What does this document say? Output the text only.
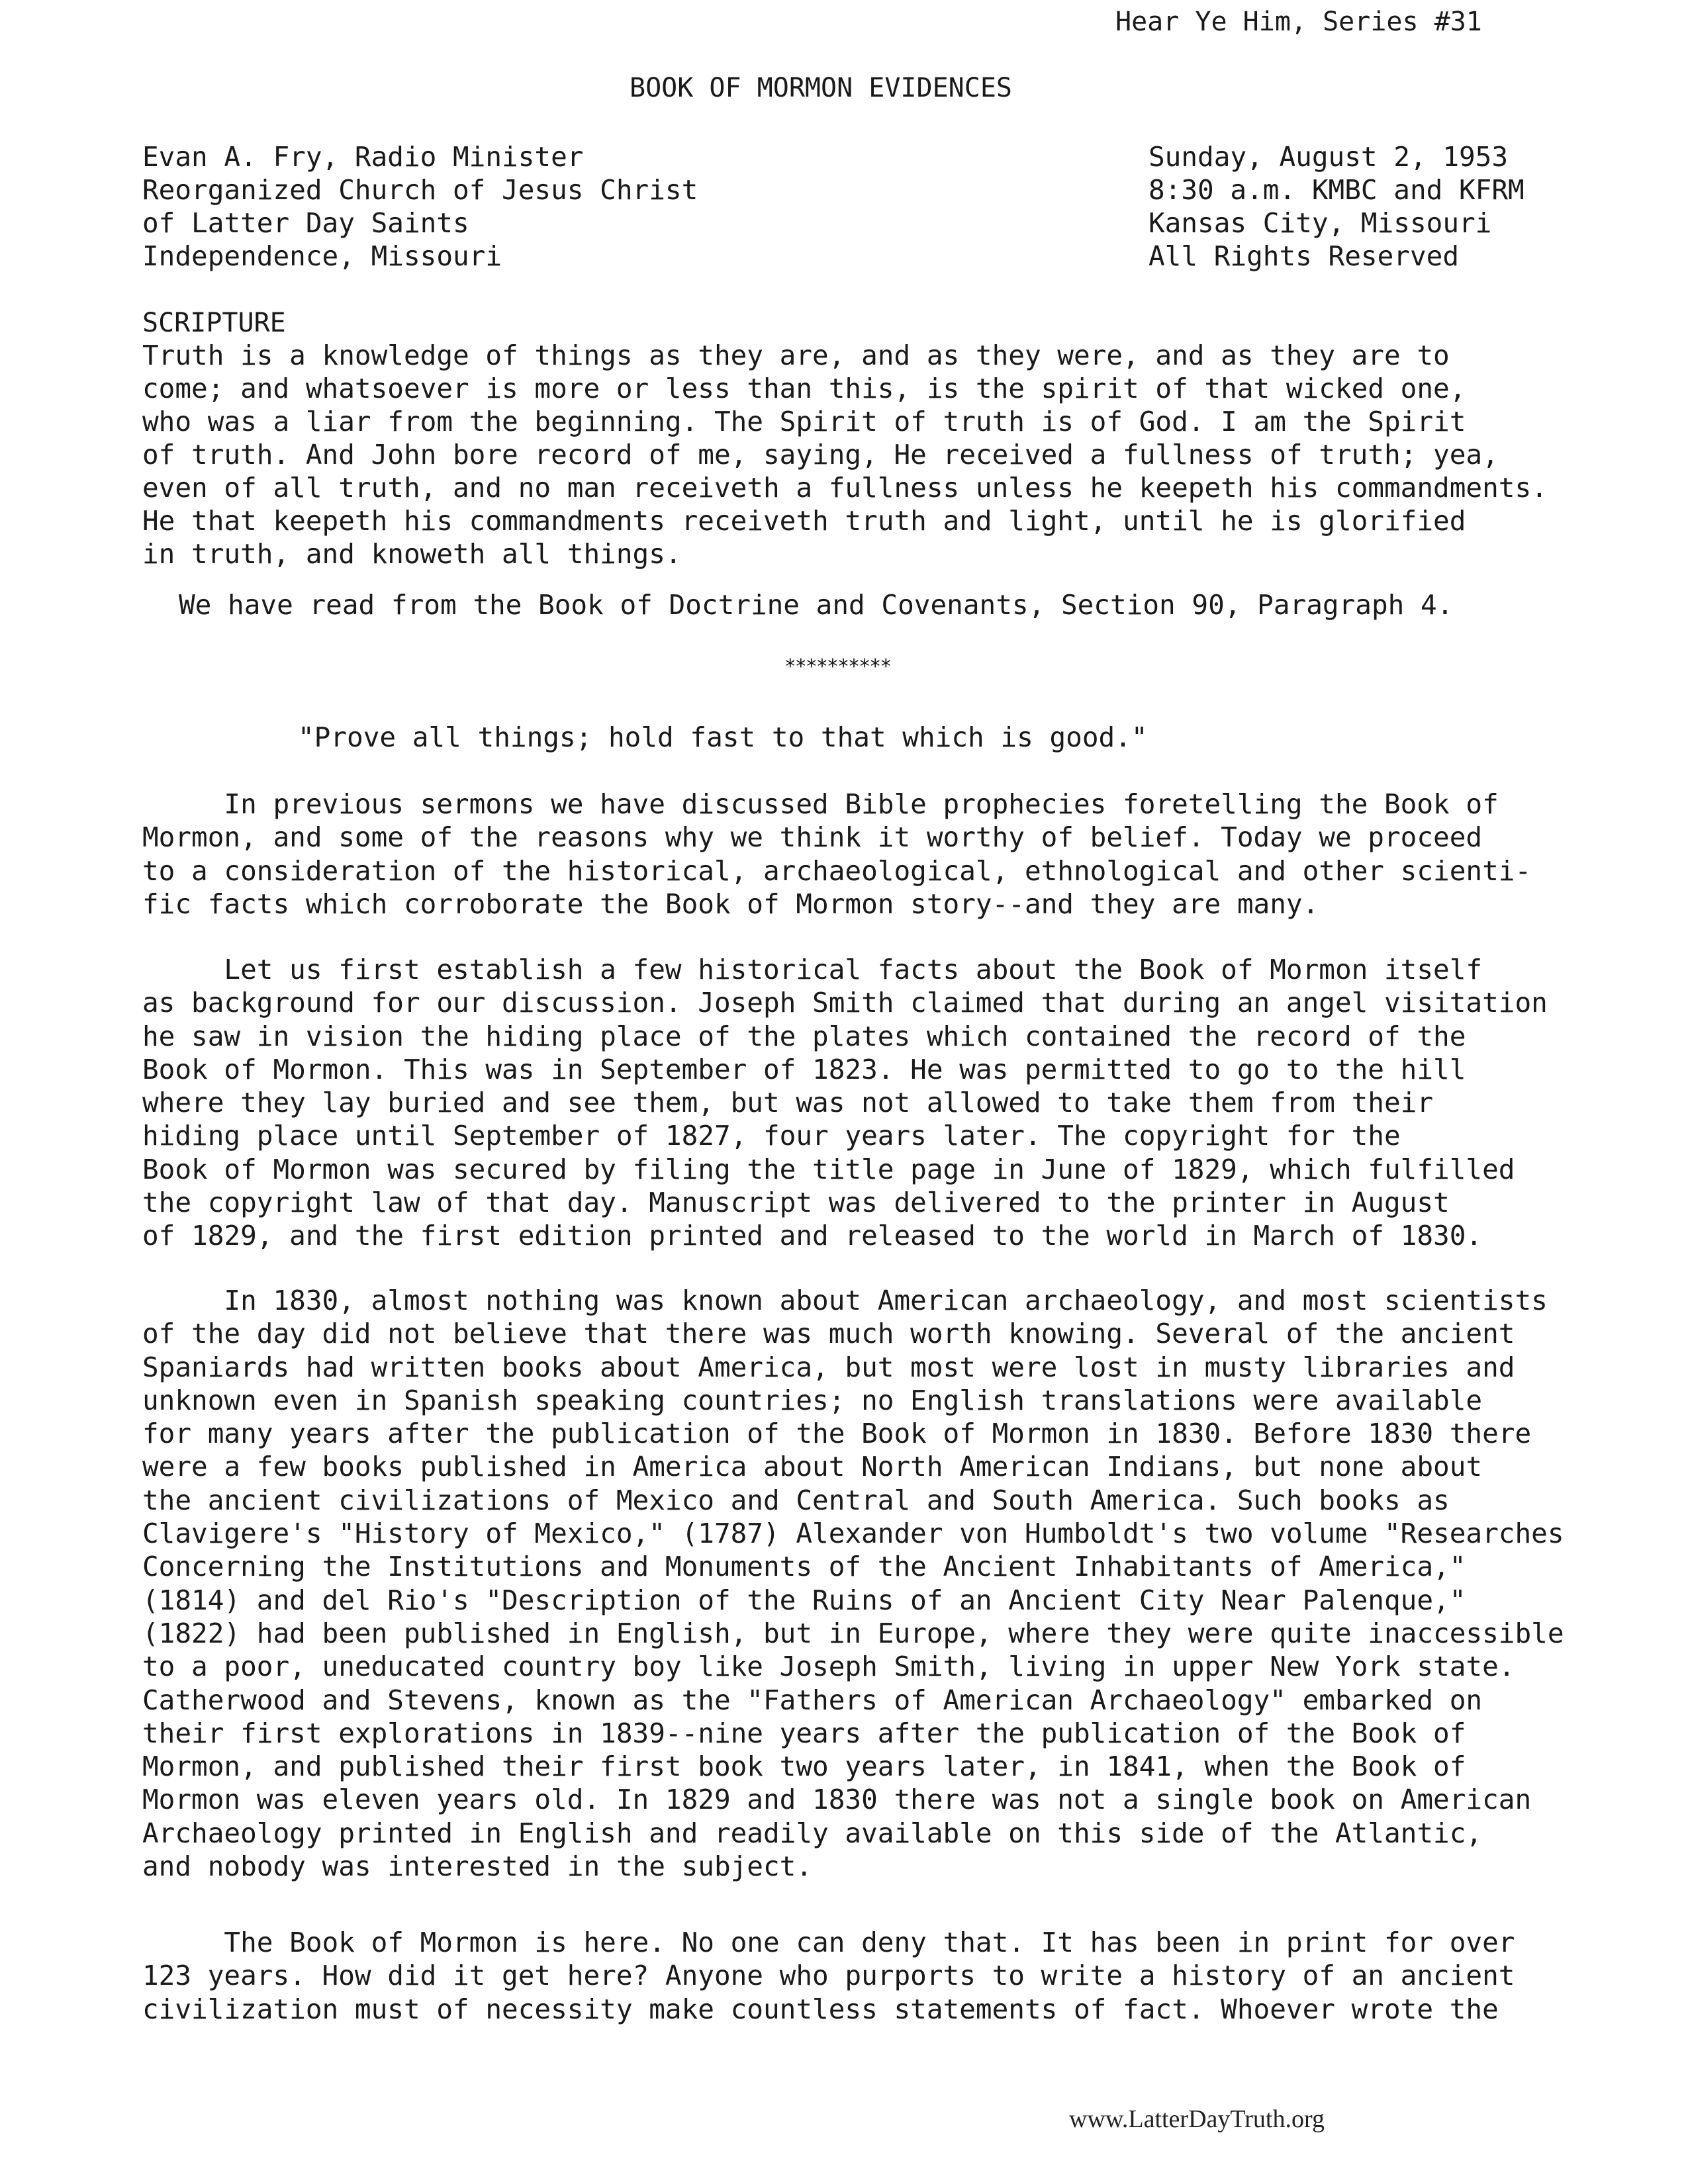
Hear Ye Him, Series #31
BOOK OF MORMON EVIDENCES
Evan A. Fry, Radio Minister
Reorganized Church of Jesus Christ
of Latter Day Saints
Independence, Missouri
Sunday, August 2, 1953
8:30 a.m. KMBC and KFRM
Kansas City, Missouri
All Rights Reserved
SCRIPTURE
Truth is a knowledge of things as they are, and as they were, and as they are to
come; and whatsoever is more or less than this, is the spirit of that wicked one,
who was a liar from the beginning. The Spirit of truth is of God. I am the Spirit
of truth. And John bore record of me, saying, He received a fullness of truth; yea,
even of all truth, and no man receiveth a fullness unless he keepeth his commandments.
He that keepeth his commandments receiveth truth and light, until he is glorified
in truth, and knoweth all things.
We have read from the Book of Doctrine and Covenants, Section 90, Paragraph 4.
**********
"Prove all things; hold fast to that which is good."
In previous sermons we have discussed Bible prophecies foretelling the Book of
Mormon, and some of the reasons why we think it worthy of belief. Today we proceed
to a consideration of the historical, archaeological, ethnological and other scienti-
fic facts which corroborate the Book of Mormon story--and they are many.
Let us first establish a few historical facts about the Book of Mormon itself
as background for our discussion. Joseph Smith claimed that during an angel visitation
he saw in vision the hiding place of the plates which contained the record of the
Book of Mormon. This was in September of 1823. He was permitted to go to the hill
where they lay buried and see them, but was not allowed to take them from their
hiding place until September of 1827, four years later. The copyright for the
Book of Mormon was secured by filing the title page in June of 1829, which fulfilled
the copyright law of that day. Manuscript was delivered to the printer in August
of 1829, and the first edition printed and released to the world in March of 1830.
In 1830, almost nothing was known about American archaeology, and most scientists
of the day did not believe that there was much worth knowing. Several of the ancient
Spaniards had written books about America, but most were lost in musty libraries and
unknown even in Spanish speaking countries; no English translations were available
for many years after the publication of the Book of Mormon in 1830. Before 1830 there
were a few books published in America about North American Indians, but none about
the ancient civilizations of Mexico and Central and South America. Such books as
Clavigere's "History of Mexico," (1787) Alexander von Humboldt's two volume "Researches
Concerning the Institutions and Monuments of the Ancient Inhabitants of America,"
(1814) and del Rio's "Description of the Ruins of an Ancient City Near Palenque,"
(1822) had been published in English, but in Europe, where they were quite inaccessible
to a poor, uneducated country boy like Joseph Smith, living in upper New York state.
Catherwood and Stevens, known as the "Fathers of American Archaeology" embarked on
their first explorations in 1839--nine years after the publication of the Book of
Mormon, and published their first book two years later, in 1841, when the Book of
Mormon was eleven years old. In 1829 and 1830 there was not a single book on American
Archaeology printed in English and readily available on this side of the Atlantic,
and nobody was interested in the subject.
The Book of Mormon is here. No one can deny that. It has been in print for over
123 years. How did it get here? Anyone who purports to write a history of an ancient
civilization must of necessity make countless statements of fact. Whoever wrote the
www.LatterDayTruth.org
